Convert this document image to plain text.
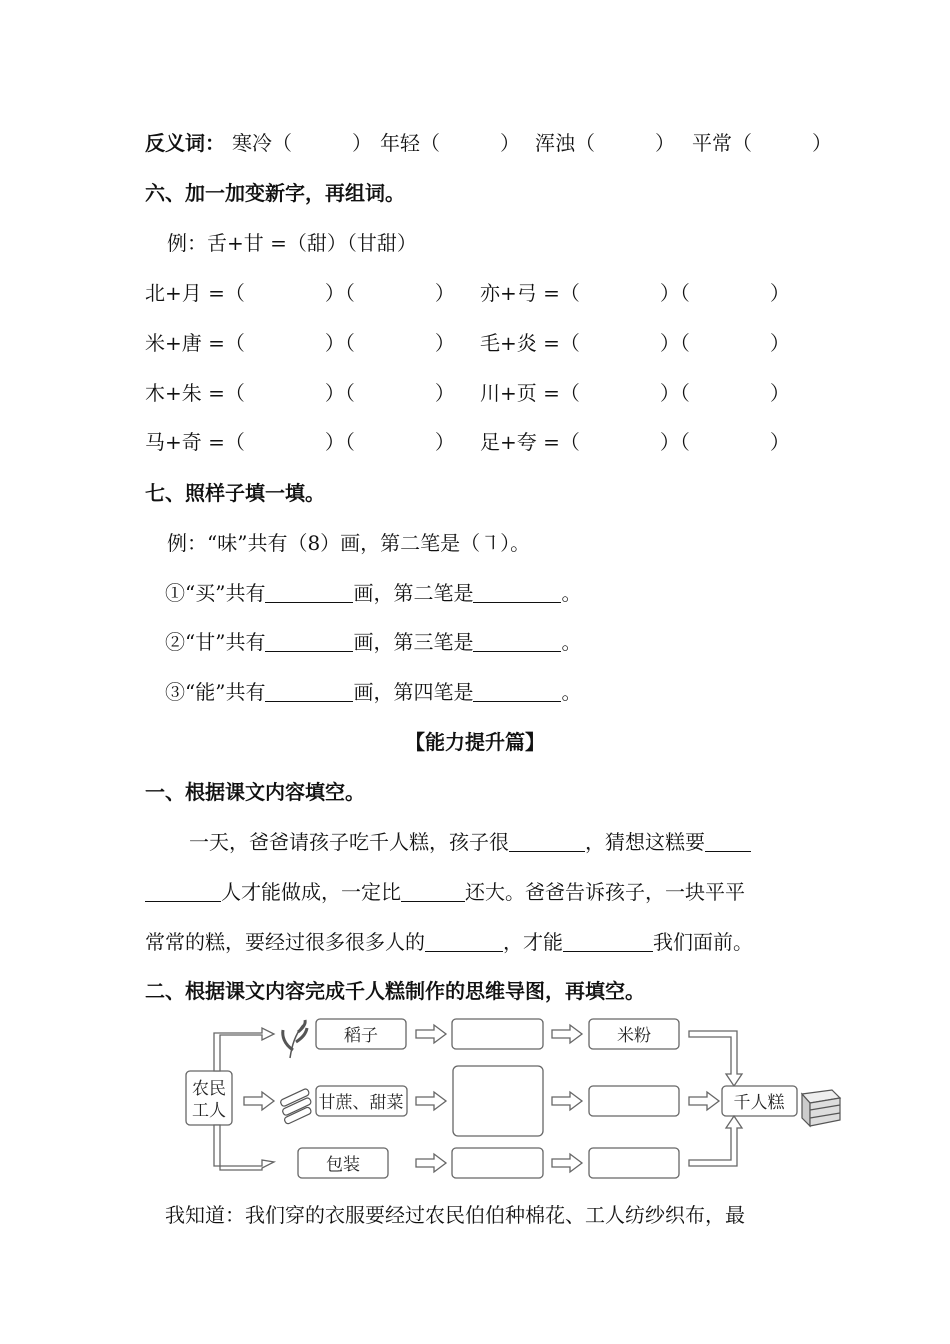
反义词： 寒冷（　　　） 年轻（　　　） 浑浊（　　　） 平常（　　　）
六、加一加变新字，再组词。
例：舌+甘 =（甜）（甘甜）
北+月 =（　　　　）（　　　　） 亦+弓 =（　　　　）（　　　　）
米+唐 =（　　　　）（　　　　） 毛+炎 =（　　　　）（　　　　）
木+朱 =（　　　　）（　　　　） 川+页 =（　　　　）（　　　　）
马+奇 =（　　　　）（　　　　） 足+夸 =（　　　　）（　　　　）
七、照样子填一填。
例：“味”共有（8）画，第二笔是（㇕）。
①“买”共有	画，第二笔是	。
②“甘”共有	画，第三笔是	。
③“能”共有	画，第四笔是	。
【能力提升篇】
一、根据课文内容填空。
一天，爸爸请孩子吃千人糕，孩子很	，猜想这糕要
人才能做成，一定比	还大。爸爸告诉孩子，一块平平
常常的糕，要经过很多很多人的	，才能	我们面前。
二、根据课文内容完成千人糕制作的思维导图，再填空。
农民
工人
稻子	米粉
甘蔗、甜菜	千人糕
包装
我知道：我们穿的衣服要经过农民伯伯种棉花、工人纺纱织布，最
